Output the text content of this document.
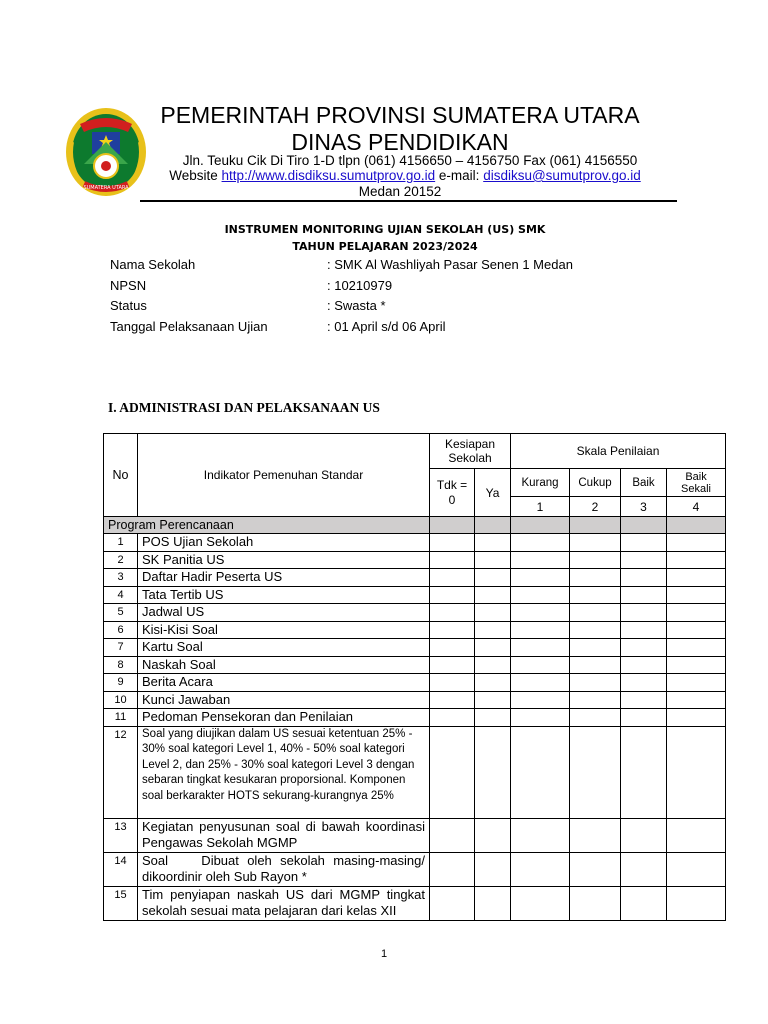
SUMATERA UTARA
PEMERINTAH PROVINSI SUMATERA UTARA
DINAS PENDIDIKAN
Jln. Teuku Cik Di Tiro 1-D tlpn (061) 4156650 – 4156750 Fax (061) 4156550
Website http://www.disdiksu.sumutprov.go.id e-mail: disdiksu@sumutprov.go.id
Medan 20152
INSTRUMEN MONITORING UJIAN SEKOLAH (US) SMK
TAHUN PELAJARAN 2023/2024
Nama Sekolah	: SMK Al Washliyah Pasar Senen 1 Medan
NPSN	: 10210979
Status	: Swasta *
Tanggal Pelaksanaan Ujian	: 01 April s/d 06 April
I. ADMINISTRASI DAN PELAKSANAAN US
No	Indikator Pemenuhan Standar	Kesiapan Sekolah		Skala Penilaian			
		Tdk = 0	Ya	Kurang	Cukup	Baik	Baik Sekali
				1	2	3	4
Program Perencanaan							
1	POS Ujian Sekolah						
2	SK Panitia US						
3	Daftar Hadir Peserta US						
4	Tata Tertib US						
5	Jadwal US						
6	Kisi-Kisi Soal						
7	Kartu Soal						
8	Naskah Soal						
9	Berita Acara						
10	Kunci Jawaban						
11	Pedoman Pensekoran dan Penilaian						
12	Soal yang diujikan dalam US sesuai ketentuan 25% - 30% soal kategori Level 1, 40% - 50% soal kategori Level 2, dan 25% - 30% soal kategori Level 3 dengan sebaran tingkat kesukaran proporsional. Komponen soal berkarakter HOTS sekurang-kurangnya 25%						
13	Kegiatan penyusunan soal di bawah koordinasi Pengawas Sekolah MGMP						
14	Soal    Dibuat oleh sekolah masing-masing/ dikoordinir oleh Sub Rayon *						
15	Tim penyiapan naskah US dari MGMP tingkat sekolah sesuai mata pelajaran dari kelas XII						
1
